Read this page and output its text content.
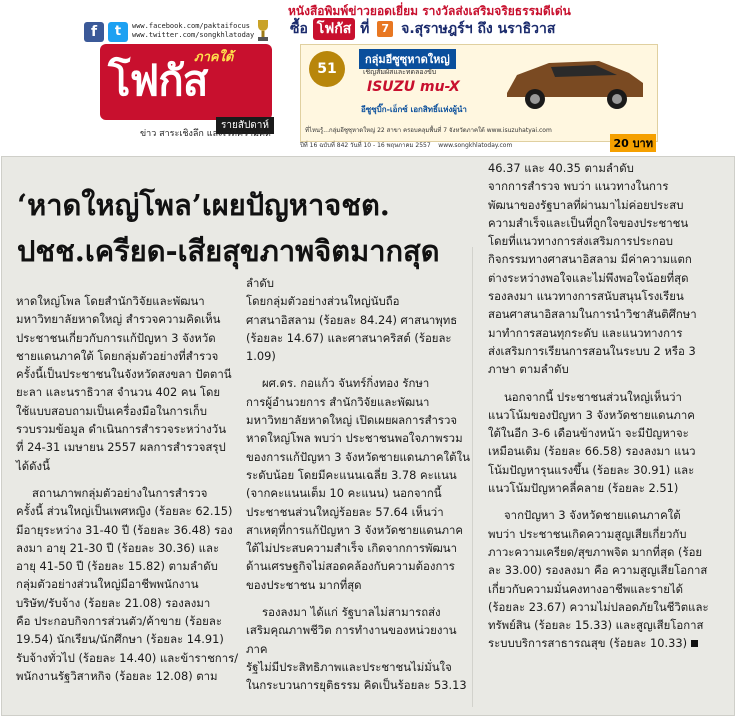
หนังสือพิมพ์ข่าวยอดเยี่ยม รางวัลส่งเสริมจริยธรรมดีเด่น
f	t	www.facebook.com/paktaifocus
www.twitter.com/songkhlatoday	ซื้อ โฟกัส ที่ 7 จ.สุราษฎร์ฯ ถึง นราธิวาส
ภาคใต้
โฟกัส
รายสัปดาห์
ข่าว สาระเชิงลึก และเวทีความคิด
51
กลุ่มอีซูซุหาดใหญ่
เชิญสัมผัสและทดลองขับ
ISUZU mu-X
อีซูซุบิ๊ก-เอ็กซ์ เอกสิทธิ์แห่งผู้นำ
ที่ไหนรู้...กลุ่มอีซูซุหาดใหญ่ 22 สาขา ครอบคลุมพื้นที่ 7 จังหวัดภาคใต้ www.isuzuhatyai.com
ปีที่ 16 ฉบับที่ 842 วันที่ 10 - 16 พฤษภาคม 2557 www.songkhlatoday.com	20 บาท
‘หาดใหญ่โพล’เผยปัญหาจชต.
ปชช.เครียด-เสียสุขภาพจิตมากสุด

หาดใหญ่โพล โดยสำนักวิจัยและพัฒนา

มหาวิทยาลัยหาดใหญ่ สำรวจความคิดเห็น

ประชาชนเกี่ยวกับการแก้ปัญหา 3 จังหวัด

ชายแดนภาคใต้ โดยกลุ่มตัวอย่างที่สำรวจ

ครั้งนี้เป็นประชาชนในจังหวัดสงขลา ปัตตานี

ยะลา และนราธิวาส จำนวน 402 คน โดย

ใช้แบบสอบถามเป็นเครื่องมือในการเก็บ

รวบรวมข้อมูล ดำเนินการสำรวจระหว่างวัน

ที่ 24-31 เมษายน 2557 ผลการสำรวจสรุป

ได้ดังนี้

สถานภาพกลุ่มตัวอย่างในการสำรวจ

ครั้งนี้ ส่วนใหญ่เป็นเพศหญิง (ร้อยละ 62.15)

มีอายุระหว่าง 31-40 ปี (ร้อยละ 36.48) รอง

ลงมา อายุ 21-30 ปี (ร้อยละ 30.36) และ

อายุ 41-50 ปี (ร้อยละ 15.82) ตามลำดับ

กลุ่มตัวอย่างส่วนใหญ่มีอาชีพพนักงาน

บริษัท/รับจ้าง (ร้อยละ 21.08) รองลงมา

คือ ประกอบกิจการส่วนตัว/ค้าขาย (ร้อยละ

19.54) นักเรียน/นักศึกษา (ร้อยละ 14.91)

รับจ้างทั่วไป (ร้อยละ 14.40) และข้าราชการ/

พนักงานรัฐวิสาหกิจ (ร้อยละ 12.08) ตาม

ลำดับ

โดยกลุ่มตัวอย่างส่วนใหญ่นับถือ

ศาสนาอิสลาม (ร้อยละ 84.24) ศาสนาพุทธ

(ร้อยละ 14.67) และศาสนาคริสต์ (ร้อยละ

1.09)

ผศ.ดร. กอแก้ว จันทร์กิ่งทอง รักษา

การผู้อำนวยการ สำนักวิจัยและพัฒนา

มหาวิทยาลัยหาดใหญ่ เปิดเผยผลการสำรวจ

หาดใหญ่โพล พบว่า ประชาชนพอใจภาพรวม

ของการแก้ปัญหา 3 จังหวัดชายแดนภาคใต้ใน

ระดับน้อย โดยมีคะแนนเฉลี่ย 3.78 คะแนน

(จากคะแนนเต็ม 10 คะแนน) นอกจากนี้

ประชาชนส่วนใหญ่ร้อยละ 57.64 เห็นว่า

สาเหตุที่การแก้ปัญหา 3 จังหวัดชายแดนภาค

ใต้ไม่ประสบความสำเร็จ เกิดจากการพัฒนา

ด้านเศรษฐกิจไม่สอดคล้องกับความต้องการ

ของประชาชน มากที่สุด

รองลงมา ได้แก่ รัฐบาลไม่สามารถส่ง

เสริมคุณภาพชีวิต การทำงานของหน่วยงานภาค

รัฐไม่มีประสิทธิภาพและประชาชนไม่มั่นใจ

ในกระบวนการยุติธรรม คิดเป็นร้อยละ 53.13

46.37 และ 40.35 ตามลำดับ

จากการสำรวจ พบว่า แนวทางในการ

พัฒนาของรัฐบาลที่ผ่านมาไม่ค่อยประสบ

ความสำเร็จและเป็นที่ถูกใจของประชาชน

โดยที่แนวทางการส่งเสริมการประกอบ

กิจกรรมทางศาสนาอิสลาม มีค่าความแตก

ต่างระหว่างพอใจและไม่พึงพอใจน้อยที่สุด

รองลงมา แนวทางการสนับสนุนโรงเรียน

สอนศาสนาอิสลามในการนำวิชาสันติศึกษา

มาทำการสอนทุกระดับ และแนวทางการ

ส่งเสริมการเรียนการสอนในระบบ 2 หรือ 3

ภาษา ตามลำดับ

นอกจากนี้ ประชาชนส่วนใหญ่เห็นว่า

แนวโน้มของปัญหา 3 จังหวัดชายแดนภาค

ใต้ในอีก 3-6 เดือนข้างหน้า จะมีปัญหาจะ

เหมือนเดิม (ร้อยละ 66.58) รองลงมา แนว

โน้มปัญหารุนแรงขึ้น (ร้อยละ 30.91) และ

แนวโน้มปัญหาคลี่คลาย (ร้อยละ 2.51)

จากปัญหา 3 จังหวัดชายแดนภาคใต้

พบว่า ประชาชนเกิดความสูญเสียเกี่ยวกับ

ภาวะความเครียด/สุขภาพจิต มากที่สุด (ร้อย

ละ 33.00) รองลงมา คือ ความสูญเสียโอกาส

เกี่ยวกับความมั่นคงทางอาชีพและรายได้

(ร้อยละ 23.67) ความไม่ปลอดภัยในชีวิตและ

ทรัพย์สิน (ร้อยละ 15.33) และสูญเสียโอกาส

ระบบบริการสาธารณสุข (ร้อยละ 10.33)
